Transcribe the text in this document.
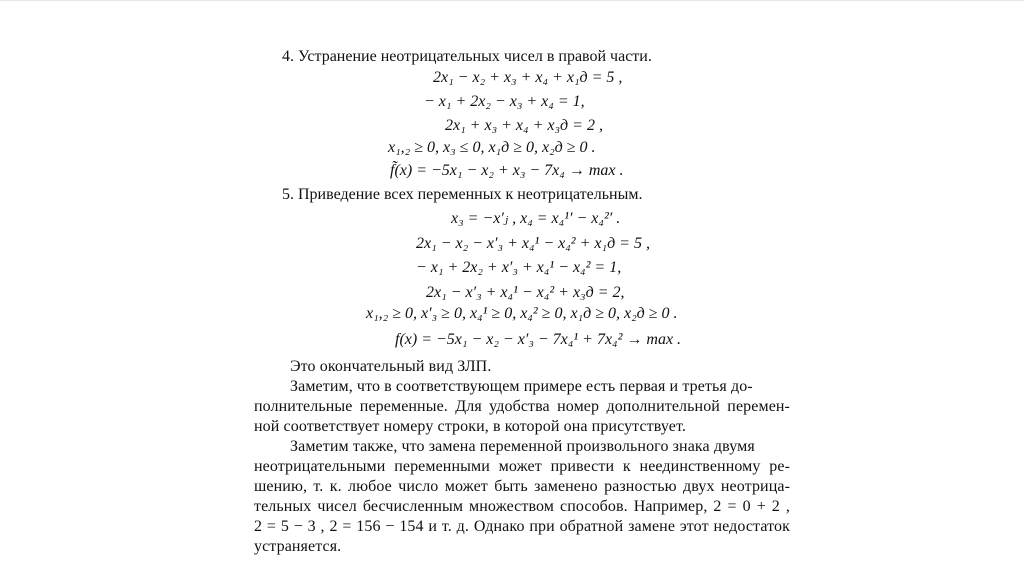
4. Устранение неотрицательных чисел в правой части.
2x₁ − x₂ + x₃ + x₄ + x₁д = 5 ,
− x₁ + 2x₂ − x₃ + x₄ = 1,
2x₁ + x₃ + x₄ + x₃д = 2 ,
x₁,₂ ≥ 0, x₃ ≤ 0, x₁д ≥ 0, x₂д ≥ 0 .
f̃(x) = −5x₁ − x₂ + x₃ − 7x₄ → max .
5. Приведение всех переменных к неотрицательным.
x₃ = −x′ⱼ , x₄ = x₄¹′ − x₄²′ .
2x₁ − x₂ − x′₃ + x₄¹ − x₄² + x₁д = 5 ,
− x₁ + 2x₂ + x′₃ + x₄¹ − x₄² = 1,
2x₁ − x′₃ + x₄¹ − x₄² + x₃д = 2,
x₁,₂ ≥ 0, x′₃ ≥ 0, x₄¹ ≥ 0, x₄² ≥ 0, x₁д ≥ 0, x₂д ≥ 0 .
f(x) = −5x₁ − x₂ − x′₃ − 7x₄¹ + 7x₄² → max .
Это окончательный вид ЗЛП.
Заметим, что в соответствующем примере есть первая и третья до-
полнительные переменные. Для удобства номер дополнительной перемен-
ной соответствует номеру строки, в которой она присутствует.
Заметим также, что замена переменной произвольного знака двумя
неотрицательными переменными может привести к неединственному ре-
шению, т. к. любое число может быть заменено разностью двух неотрица-
тельных чисел бесчисленным множеством способов. Например, 2 = 0 + 2 ,
2 = 5 − 3 , 2 = 156 − 154 и т. д. Однако при обратной замене этот недостаток
устраняется.
